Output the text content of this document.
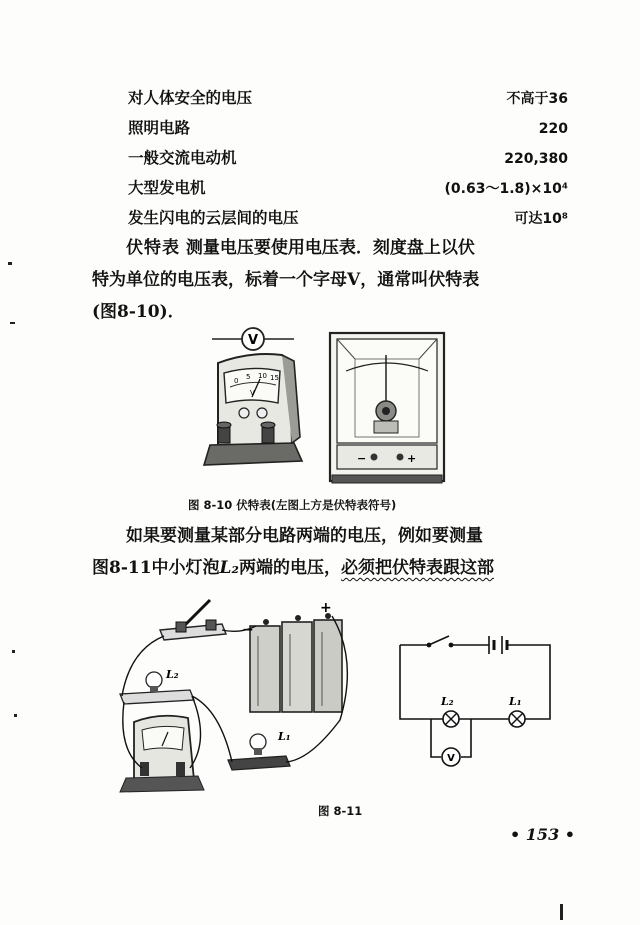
对人体安全的电压	不高于36
照明电路	220
一般交流电动机	220,380
大型发电机	(0.63～1.8)×10⁴
发生闪电的云层间的电压	可达10⁸

伏特表 测量电压要使用电压表．刻度盘上以伏

特为单位的电压表，标着一个字母V，通常叫伏特表

(图8-10)．

V
0 5 10 15
V
−	+
图 8-10 伏特表(左图上方是伏特表符号)

如果要测量某部分电路两端的电压，例如要测量

图8-11中小灯泡L₂两端的电压，必须把伏特表跟这部

−
+
L₂
L₁
L₂	L₁
V
图 8-11
• 153 •
